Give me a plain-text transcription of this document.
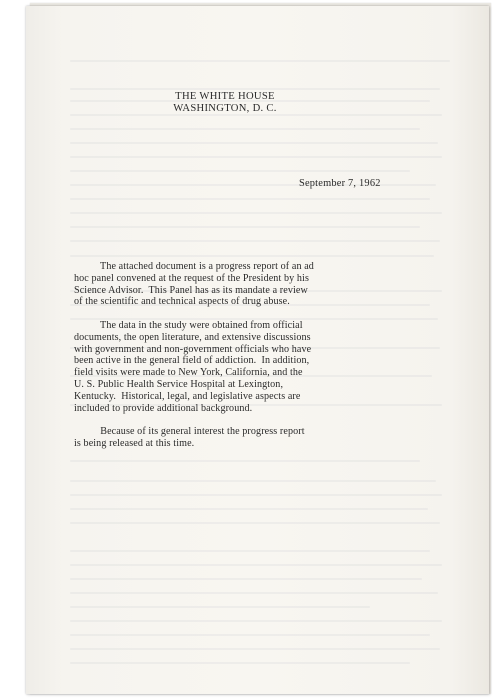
THE WHITE HOUSE
WASHINGTON, D. C.
September 7, 1962
The attached document is a progress report of an ad
hoc panel convened at the request of the President by his
Science Advisor.  This Panel has as its mandate a review
of the scientific and technical aspects of drug abuse.
The data in the study were obtained from official
documents, the open literature, and extensive discussions
with government and non-government officials who have
been active in the general field of addiction.  In addition,
field visits were made to New York, California, and the
U. S. Public Health Service Hospital at Lexington,
Kentucky.  Historical, legal, and legislative aspects are
included to provide additional background.
Because of its general interest the progress report
is being released at this time.
